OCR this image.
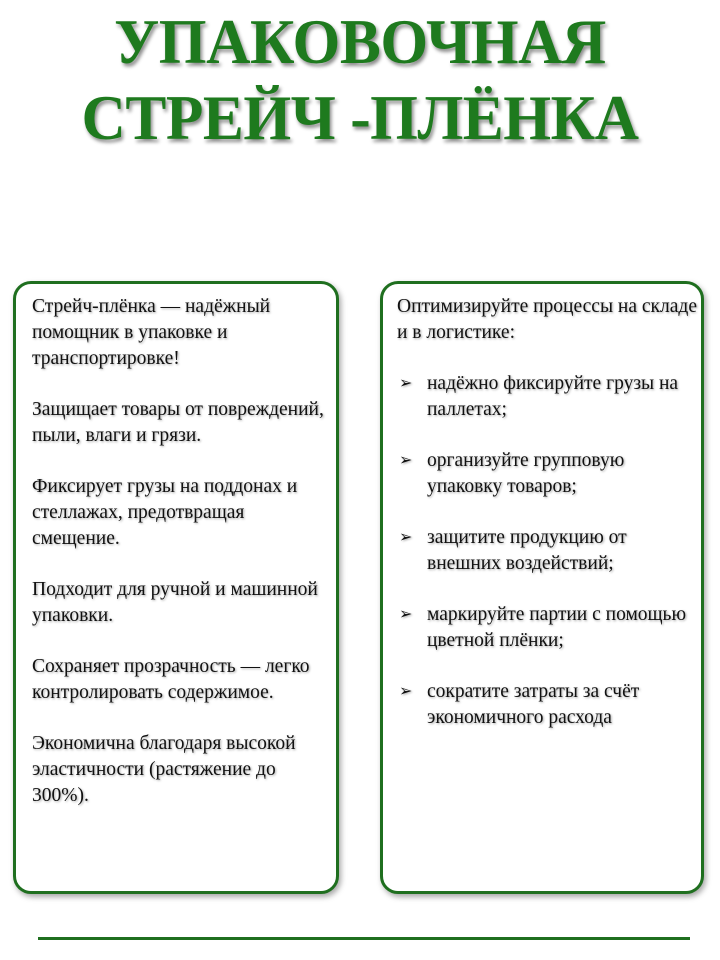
УПАКОВОЧНАЯ
СТРЕЙЧ -ПЛЁНКА

Стрейч-плёнка — надёжный помощник в упаковке и транспортировке!

Защищает товары от повреждений, пыли, влаги и грязи.

Фиксирует грузы на поддонах и стеллажах, предотвращая смещение.

Подходит для ручной и машинной упаковки.

Сохраняет прозрачность — легко контролировать содержимое.

Экономична благодаря высокой эластичности (растяжение до 300%).

Оптимизируйте процессы на складе и в логистике:

➢ надёжно фиксируйте грузы на паллетах;
➢ организуйте групповую упаковку товаров;
➢ защитите продукцию от внешних воздействий;
➢ маркируйте партии с помощью цветной плёнки;
➢ сократите затраты за счёт экономичного расхода
